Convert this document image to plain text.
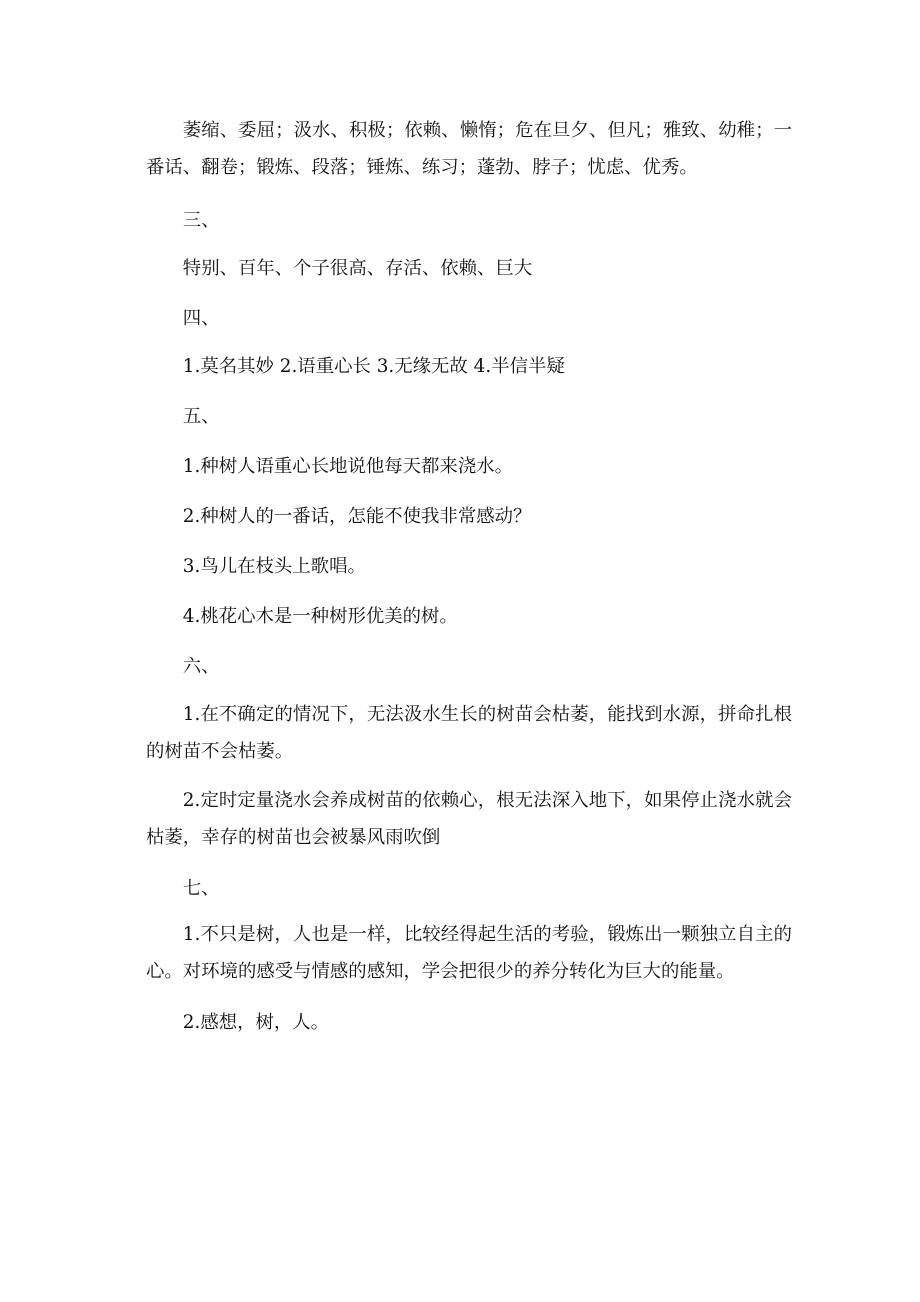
萎缩、委屈；汲水、积极；依赖、懒惰；危在旦夕、但凡；雅致、幼稚；一番话、翻卷；锻炼、段落；锤炼、练习；蓬勃、脖子；忧虑、优秀。

三、

特别、百年、个子很高、存活、依赖、巨大

四、

1.莫名其妙 2.语重心长 3.无缘无故 4.半信半疑

五、

1.种树人语重心长地说他每天都来浇水。

2.种树人的一番话，怎能不使我非常感动？

3.鸟儿在枝头上歌唱。

4.桃花心木是一种树形优美的树。

六、

1.在不确定的情况下，无法汲水生长的树苗会枯萎，能找到水源，拼命扎根的树苗不会枯萎。

2.定时定量浇水会养成树苗的依赖心，根无法深入地下，如果停止浇水就会枯萎，幸存的树苗也会被暴风雨吹倒

七、

1.不只是树，人也是一样，比较经得起生活的考验，锻炼出一颗独立自主的心。对环境的感受与情感的感知，学会把很少的养分转化为巨大的能量。

2.感想，树，人。
